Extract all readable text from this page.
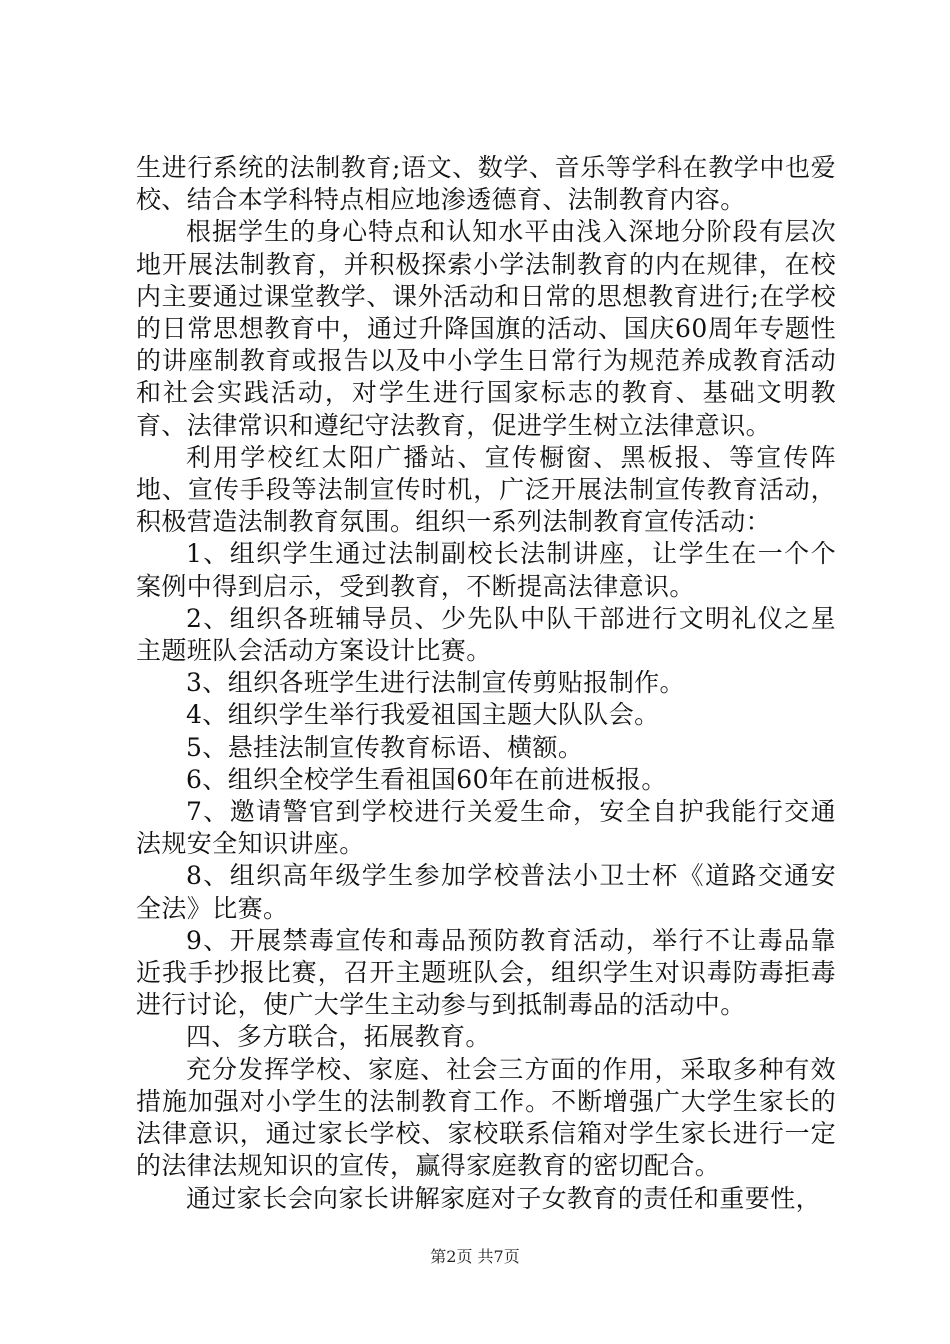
生进行系统的法制教育;语文、数学、音乐等学科在教学中也爱校、结合本学科特点相应地渗透德育、法制教育内容。

根据学生的身心特点和认知水平由浅入深地分阶段有层次地开展法制教育，并积极探索小学法制教育的内在规律，在校内主要通过课堂教学、课外活动和日常的思想教育进行;在学校的日常思想教育中，通过升降国旗的活动、国庆60周年专题性的讲座制教育或报告以及中小学生日常行为规范养成教育活动和社会实践活动，对学生进行国家标志的教育、基础文明教育、法律常识和遵纪守法教育，促进学生树立法律意识。

利用学校红太阳广播站、宣传橱窗、黑板报、等宣传阵地、宣传手段等法制宣传时机，广泛开展法制宣传教育活动，积极营造法制教育氛围。组织一系列法制教育宣传活动：

1、组织学生通过法制副校长法制讲座，让学生在一个个案例中得到启示，受到教育，不断提高法律意识。

2、组织各班辅导员、少先队中队干部进行文明礼仪之星主题班队会活动方案设计比赛。

3、组织各班学生进行法制宣传剪贴报制作。

4、组织学生举行我爱祖国主题大队队会。

5、悬挂法制宣传教育标语、横额。

6、组织全校学生看祖国60年在前进板报。

7、邀请警官到学校进行关爱生命，安全自护我能行交通法规安全知识讲座。

8、组织高年级学生参加学校普法小卫士杯《道路交通安全法》比赛。

9、开展禁毒宣传和毒品预防教育活动，举行不让毒品靠近我手抄报比赛，召开主题班队会，组织学生对识毒防毒拒毒进行讨论，使广大学生主动参与到抵制毒品的活动中。

四、多方联合，拓展教育。

充分发挥学校、家庭、社会三方面的作用，采取多种有效措施加强对小学生的法制教育工作。不断增强广大学生家长的法律意识，通过家长学校、家校联系信箱对学生家长进行一定的法律法规知识的宣传，赢得家庭教育的密切配合。

通过家长会向家长讲解家庭对子女教育的责任和重要性，

第2页 共7页
